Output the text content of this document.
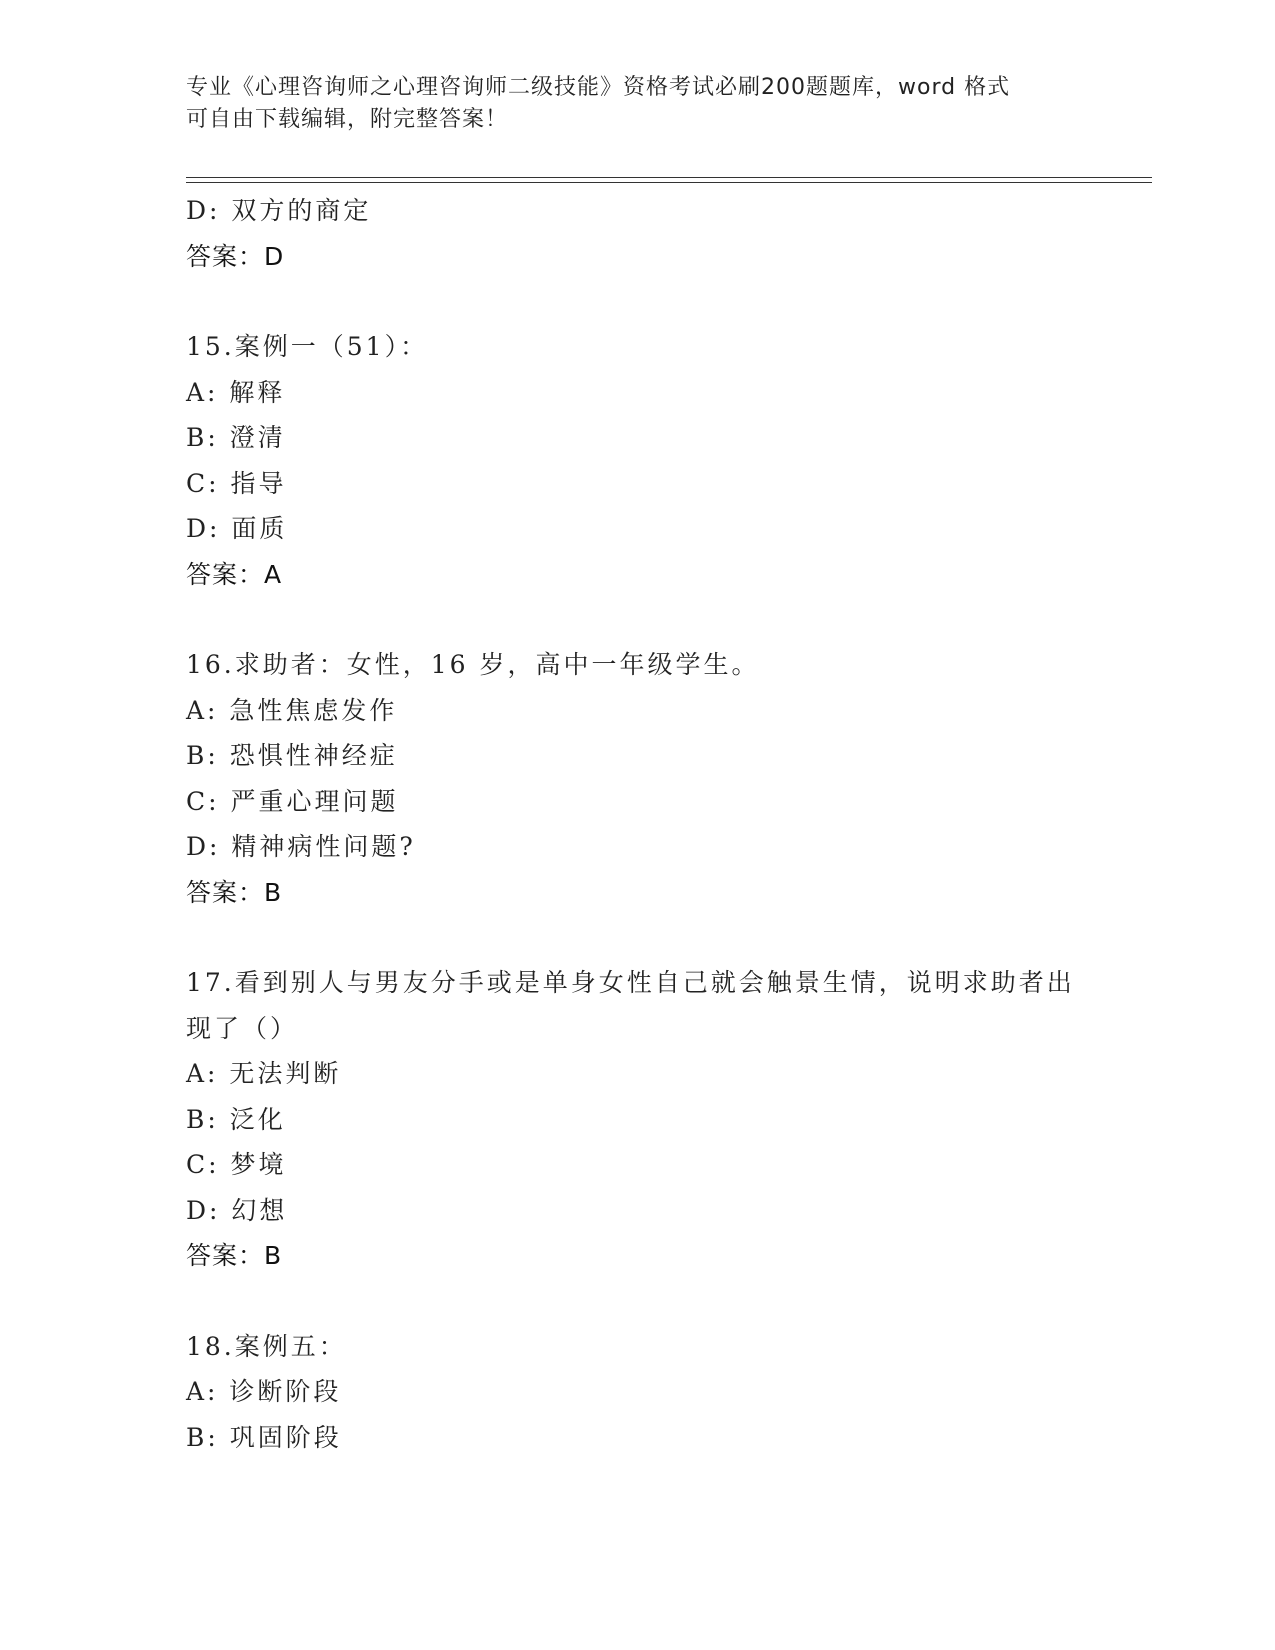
专业《心理咨询师之心理咨询师二级技能》资格考试必刷200题题库，word 格式
可自由下载编辑，附完整答案！
D: 双方的商定
答案：D
15.案例一（51）：
A: 解释
B: 澄清
C: 指导
D: 面质
答案：A
16.求助者：女性，16 岁，高中一年级学生。
A: 急性焦虑发作
B: 恐惧性神经症
C: 严重心理问题
D: 精神病性问题?
答案：B
17.看到别人与男友分手或是单身女性自己就会触景生情，说明求助者出现了（）
A: 无法判断
B: 泛化
C: 梦境
D: 幻想
答案：B
18.案例五：
A: 诊断阶段
B: 巩固阶段
